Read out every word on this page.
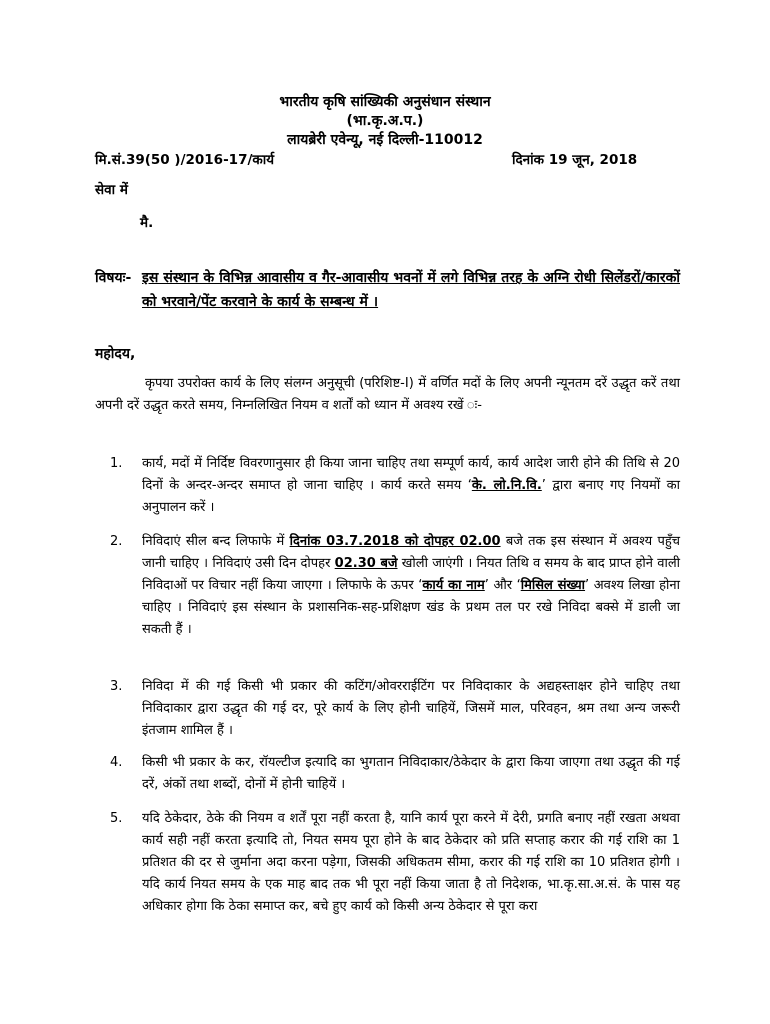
भारतीय कृषि सांख्यिकी अनुसंधान संस्थान
(भा.कृ.अ.प.)
लायब्रेरी एवेन्यू, नई दिल्ली-110012
मि.सं.39(50 )/2016-17/कार्य	दिनांक 19 जून, 2018
सेवा में
मै.
विषयः- इस संस्थान के विभिन्न आवासीय व गैर-आवासीय भवनों में लगे विभिन्न तरह के अग्नि रोधी सिलेंडरों/कारकों को भरवाने/पेंट करवाने के कार्य के सम्बन्ध में ।
महोदय,
कृपया उपरोक्त कार्य के लिए संलग्न अनुसूची (परिशिष्ट-I) में वर्णित मदों के लिए अपनी न्यूनतम दरें उद्धृत करें तथा अपनी दरें उद्धृत करते समय, निम्नलिखित नियम व शर्तों को ध्यान में अवश्य रखें ः-
1. कार्य, मदों में निर्दिष्ट विवरणानुसार ही किया जाना चाहिए तथा सम्पूर्ण कार्य, कार्य आदेश जारी होने की तिथि से 20 दिनों के अन्दर-अन्दर समाप्त हो जाना चाहिए । कार्य करते समय ‘के. लो.नि.वि.’ द्वारा बनाए गए नियमों का अनुपालन करें ।
2. निविदाएं सील बन्द लिफाफे में दिनांक 03.7.2018 को दोपहर 02.00 बजे तक इस संस्थान में अवश्य पहुँच जानी चाहिए । निविदाएं उसी दिन दोपहर 02.30 बजे खोली जाएंगी । नियत तिथि व समय के बाद प्राप्त होने वाली निविदाओं पर विचार नहीं किया जाएगा । लिफाफे के ऊपर ‘कार्य का नाम’ और ‘मिसिल संख्या’ अवश्य लिखा होना चाहिए । निविदाएं इस संस्थान के प्रशासनिक-सह-प्रशिक्षण खंड के प्रथम तल पर रखे निविदा बक्से में डाली जा सकती हैं ।
3. निविदा में की गई किसी भी प्रकार की कटिंग/ओवरराईटिंग पर निविदाकार के अद्यहस्ताक्षर होने चाहिए तथा निविदाकार द्वारा उद्धृत की गई दर, पूरे कार्य के लिए होनी चाहियें, जिसमें माल, परिवहन, श्रम तथा अन्य जरूरी इंतजाम शामिल हैं ।
4. किसी भी प्रकार के कर, रॉयल्टीज इत्यादि का भुगतान निविदाकार/ठेकेदार के द्वारा किया जाएगा तथा उद्धृत की गई दरें, अंकों तथा शब्दों, दोनों में होनी चाहियें ।
5. यदि ठेकेदार, ठेके की नियम व शर्तें पूरा नहीं करता है, यानि कार्य पूरा करने में देरी, प्रगति बनाए नहीं रखता अथवा कार्य सही नहीं करता इत्यादि तो, नियत समय पूरा होने के बाद ठेकेदार को प्रति सप्ताह करार की गई राशि का 1 प्रतिशत की दर से जुर्माना अदा करना पड़ेगा, जिसकी अधिकतम सीमा, करार की गई राशि का 10 प्रतिशत होगी । यदि कार्य नियत समय के एक माह बाद तक भी पूरा नहीं किया जाता है तो निदेशक, भा.कृ.सा.अ.सं. के पास यह अधिकार होगा कि ठेका समाप्त कर, बचे हुए कार्य को किसी अन्य ठेकेदार से पूरा करा
